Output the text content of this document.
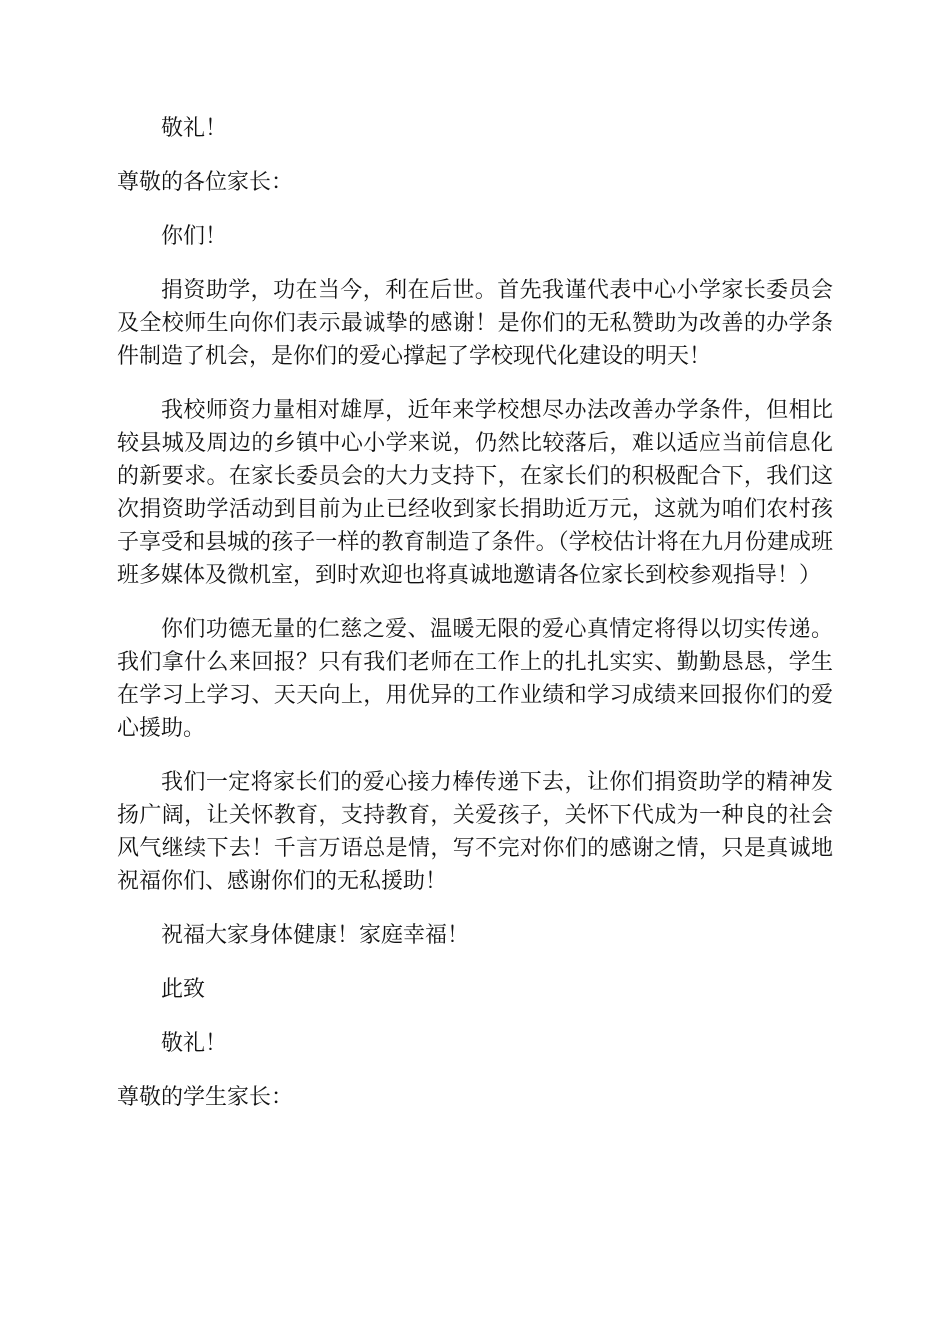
敬礼！

尊敬的各位家长：

你们！

捐资助学，功在当今，利在后世。首先我谨代表中心小学家长委员会及全校师生向你们表示最诚挚的感谢！是你们的无私赞助为改善的办学条件制造了机会，是你们的爱心撑起了学校现代化建设的明天！

我校师资力量相对雄厚，近年来学校想尽办法改善办学条件，但相比较县城及周边的乡镇中心小学来说，仍然比较落后，难以适应当前信息化的新要求。在家长委员会的大力支持下，在家长们的积极配合下，我们这次捐资助学活动到目前为止已经收到家长捐助近万元，这就为咱们农村孩子享受和县城的孩子一样的教育制造了条件。（学校估计将在九月份建成班班多媒体及微机室，到时欢迎也将真诚地邀请各位家长到校参观指导！）

你们功德无量的仁慈之爱、温暖无限的爱心真情定将得以切实传递。我们拿什么来回报？只有我们老师在工作上的扎扎实实、勤勤恳恳，学生在学习上学习、天天向上，用优异的工作业绩和学习成绩来回报你们的爱心援助。

我们一定将家长们的爱心接力棒传递下去，让你们捐资助学的精神发扬广阔，让关怀教育，支持教育，关爱孩子，关怀下代成为一种良的社会风气继续下去！千言万语总是情，写不完对你们的感谢之情，只是真诚地祝福你们、感谢你们的无私援助！

祝福大家身体健康！家庭幸福！

此致

敬礼！

尊敬的学生家长：
